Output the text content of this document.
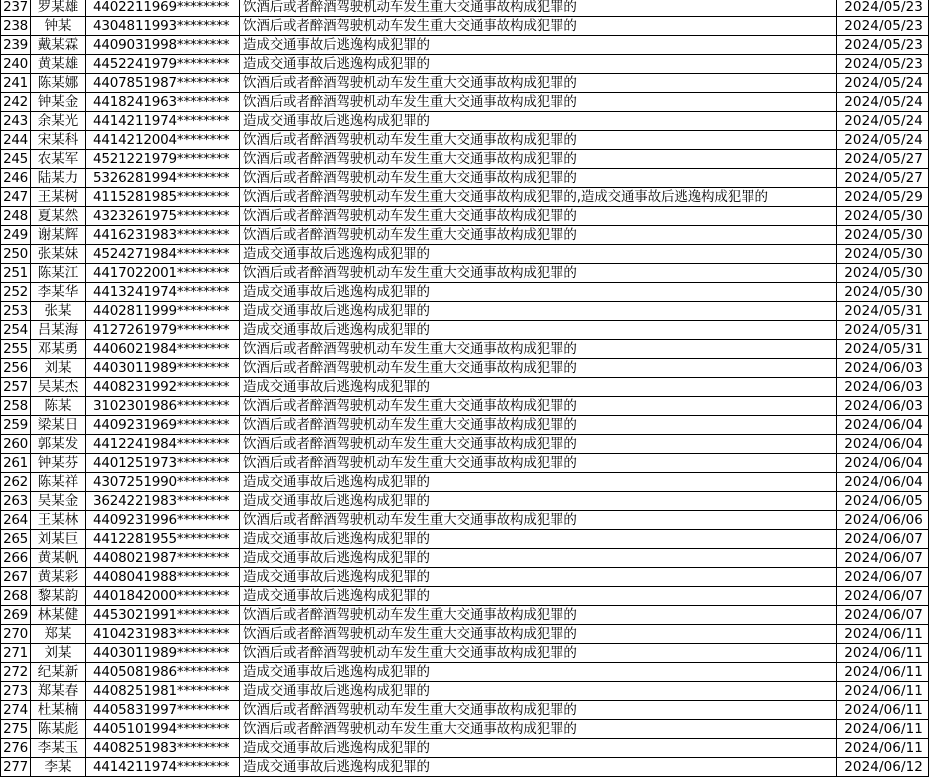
237	罗某雄	4402211969********	饮酒后或者醉酒驾驶机动车发生重大交通事故构成犯罪的	2024/05/23
238	钟某	4304811993********	饮酒后或者醉酒驾驶机动车发生重大交通事故构成犯罪的	2024/05/23
239	戴某霖	4409031998********	造成交通事故后逃逸构成犯罪的	2024/05/23
240	黄某雄	4452241979********	造成交通事故后逃逸构成犯罪的	2024/05/23
241	陈某娜	4407851987********	饮酒后或者醉酒驾驶机动车发生重大交通事故构成犯罪的	2024/05/24
242	钟某金	4418241963********	饮酒后或者醉酒驾驶机动车发生重大交通事故构成犯罪的	2024/05/24
243	余某光	4414211974********	造成交通事故后逃逸构成犯罪的	2024/05/24
244	宋某科	4414212004********	饮酒后或者醉酒驾驶机动车发生重大交通事故构成犯罪的	2024/05/24
245	农某军	4521221979********	饮酒后或者醉酒驾驶机动车发生重大交通事故构成犯罪的	2024/05/27
246	陆某力	5326281994********	饮酒后或者醉酒驾驶机动车发生重大交通事故构成犯罪的	2024/05/27
247	王某树	4115281985********	饮酒后或者醉酒驾驶机动车发生重大交通事故构成犯罪的,造成交通事故后逃逸构成犯罪的	2024/05/29
248	夏某然	4323261975********	饮酒后或者醉酒驾驶机动车发生重大交通事故构成犯罪的	2024/05/30
249	谢某辉	4416231983********	饮酒后或者醉酒驾驶机动车发生重大交通事故构成犯罪的	2024/05/30
250	张某妹	4524271984********	造成交通事故后逃逸构成犯罪的	2024/05/30
251	陈某江	4417022001********	饮酒后或者醉酒驾驶机动车发生重大交通事故构成犯罪的	2024/05/30
252	李某华	4413241974********	造成交通事故后逃逸构成犯罪的	2024/05/30
253	张某	4402811999********	造成交通事故后逃逸构成犯罪的	2024/05/31
254	吕某海	4127261979********	造成交通事故后逃逸构成犯罪的	2024/05/31
255	邓某勇	4406021984********	饮酒后或者醉酒驾驶机动车发生重大交通事故构成犯罪的	2024/05/31
256	刘某	4403011989********	饮酒后或者醉酒驾驶机动车发生重大交通事故构成犯罪的	2024/06/03
257	吴某杰	4408231992********	造成交通事故后逃逸构成犯罪的	2024/06/03
258	陈某	3102301986********	饮酒后或者醉酒驾驶机动车发生重大交通事故构成犯罪的	2024/06/03
259	梁某日	4409231969********	饮酒后或者醉酒驾驶机动车发生重大交通事故构成犯罪的	2024/06/04
260	郭某发	4412241984********	饮酒后或者醉酒驾驶机动车发生重大交通事故构成犯罪的	2024/06/04
261	钟某芬	4401251973********	饮酒后或者醉酒驾驶机动车发生重大交通事故构成犯罪的	2024/06/04
262	陈某祥	4307251990********	造成交通事故后逃逸构成犯罪的	2024/06/04
263	吴某金	3624221983********	造成交通事故后逃逸构成犯罪的	2024/06/05
264	王某林	4409231996********	饮酒后或者醉酒驾驶机动车发生重大交通事故构成犯罪的	2024/06/06
265	刘某巨	4412281955********	造成交通事故后逃逸构成犯罪的	2024/06/07
266	黄某帆	4408021987********	造成交通事故后逃逸构成犯罪的	2024/06/07
267	黄某彩	4408041988********	造成交通事故后逃逸构成犯罪的	2024/06/07
268	黎某韵	4401842000********	造成交通事故后逃逸构成犯罪的	2024/06/07
269	林某健	4453021991********	饮酒后或者醉酒驾驶机动车发生重大交通事故构成犯罪的	2024/06/07
270	郑某	4104231983********	饮酒后或者醉酒驾驶机动车发生重大交通事故构成犯罪的	2024/06/11
271	刘某	4403011989********	饮酒后或者醉酒驾驶机动车发生重大交通事故构成犯罪的	2024/06/11
272	纪某新	4405081986********	造成交通事故后逃逸构成犯罪的	2024/06/11
273	郑某春	4408251981********	造成交通事故后逃逸构成犯罪的	2024/06/11
274	杜某楠	4405831997********	饮酒后或者醉酒驾驶机动车发生重大交通事故构成犯罪的	2024/06/11
275	陈某彪	4405101994********	饮酒后或者醉酒驾驶机动车发生重大交通事故构成犯罪的	2024/06/11
276	李某玉	4408251983********	造成交通事故后逃逸构成犯罪的	2024/06/11
277	李某	4414211974********	造成交通事故后逃逸构成犯罪的	2024/06/12
